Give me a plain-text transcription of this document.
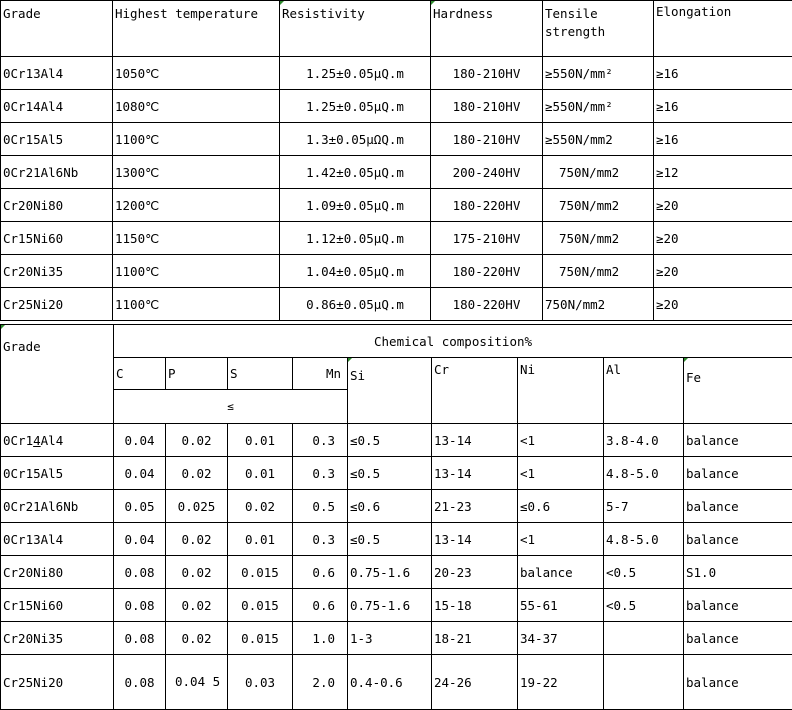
Grade	Highest temperature	Resistivity	Hardness	Tensile strength	Elongation
0Cr13Al4	1050℃	1.25±0.05μQ.m	180-210HV	≥550N/mm²	≥16
0Cr14Al4	1080℃	1.25±0.05μQ.m	180-210HV	≥550N/mm²	≥16
0Cr15Al5	1100℃	1.3±0.05μΩQ.m	180-210HV	≥550N/mm2	≥16
0Cr21Al6Nb	1300℃	1.42±0.05μQ.m	200-240HV	750N/mm2	≥12
Cr20Ni80	1200℃	1.09±0.05μQ.m	180-220HV	750N/mm2	≥20
Cr15Ni60	1150℃	1.12±0.05μQ.m	175-210HV	750N/mm2	≥20
Cr20Ni35	1100℃	1.04±0.05μQ.m	180-220HV	750N/mm2	≥20
Cr25Ni20	1100℃	0.86±0.05μQ.m	180-220HV	750N/mm2	≥20
Grade	Chemical composition%								
	C	P	S	Mn	Si	Cr	Ni	Al	Fe
	≤								
0Cr14Al4	0.04	0.02	0.01	0.3	≤0.5	13-14	<1	3.8-4.0	balance
0Cr15Al5	0.04	0.02	0.01	0.3	≤0.5	13-14	<1	4.8-5.0	balance
0Cr21Al6Nb	0.05	0.025	0.02	0.5	≤0.6	21-23	≤0.6	5-7	balance
0Cr13Al4	0.04	0.02	0.01	0.3	≤0.5	13-14	<1	4.8-5.0	balance
Cr20Ni80	0.08	0.02	0.015	0.6	0.75-1.6	20-23	balance	<0.5	S1.0
Cr15Ni60	0.08	0.02	0.015	0.6	0.75-1.6	15-18	55-61	<0.5	balance
Cr20Ni35	0.08	0.02	0.015	1.0	1-3	18-21	34-37		balance
Cr25Ni20	0.08	0.04 5	0.03	2.0	0.4-0.6	24-26	19-22		balance
